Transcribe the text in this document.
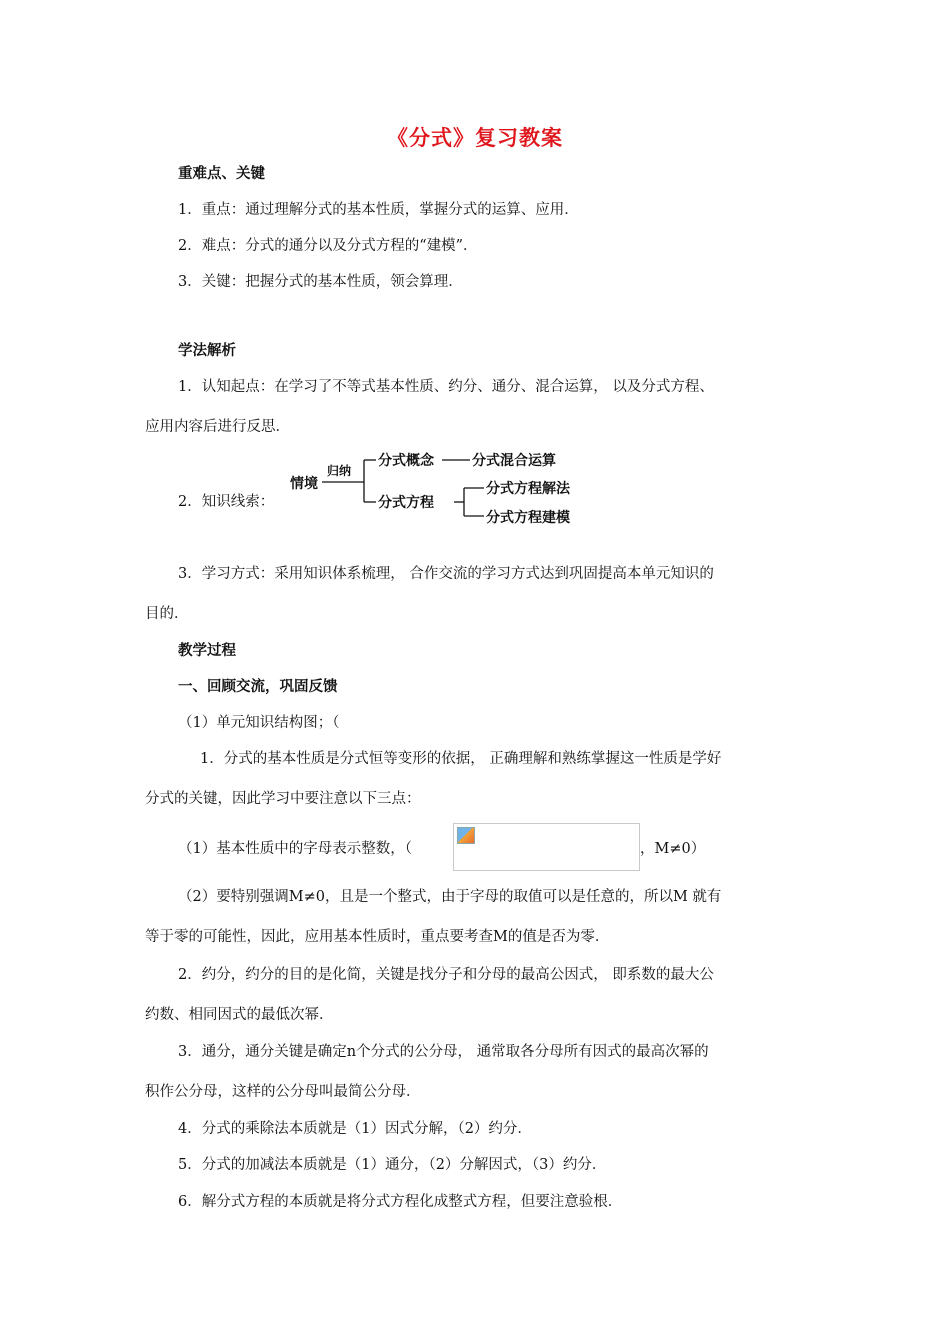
《分式》复习教案
重难点、关键
1．重点：通过理解分式的基本性质，掌握分式的运算、应用．
2．难点：分式的通分以及分式方程的“建模”．
3．关键：把握分式的基本性质，领会算理．
学法解析
1．认知起点：在学习了不等式基本性质、约分、通分、混合运算， 以及分式方程、
应用内容后进行反思．
2．知识线索：
情境
归纳
分式概念	分式混合运算
分式方程
分式方程解法
分式方程建模
3．学习方式：采用知识体系梳理， 合作交流的学习方式达到巩固提高本单元知识的
目的．
教学过程
一、回顾交流，巩固反馈
（1）单元知识结构图；（
1．分式的基本性质是分式恒等变形的依据， 正确理解和熟练掌握这一性质是学好
分式的关键，因此学习中要注意以下三点：
（1）基本性质中的字母表示整数，（	，M≠0）
（2）要特别强调M≠0，且是一个整式，由于字母的取值可以是任意的，所以M 就有
等于零的可能性，因此，应用基本性质时，重点要考查M的值是否为零．
2．约分，约分的目的是化简，关键是找分子和分母的最高公因式， 即系数的最大公
约数、相同因式的最低次幂．
3．通分，通分关键是确定n个分式的公分母， 通常取各分母所有因式的最高次幂的
积作公分母，这样的公分母叫最简公分母．
4．分式的乘除法本质就是（1）因式分解，（2）约分．
5．分式的加减法本质就是（1）通分，（2）分解因式，（3）约分．
6．解分式方程的本质就是将分式方程化成整式方程，但要注意验根．
